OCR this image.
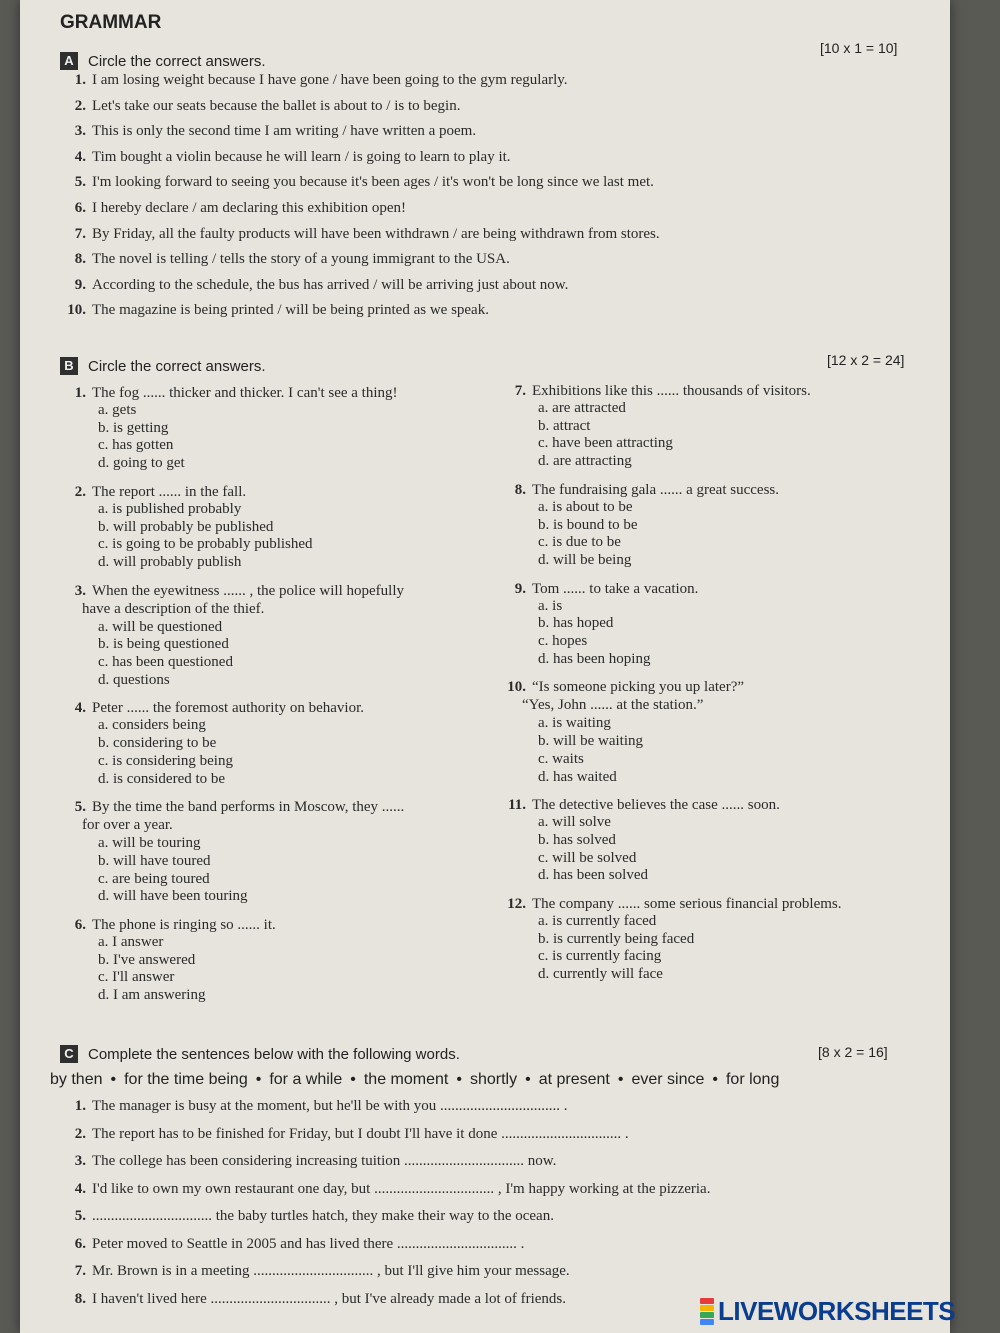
GRAMMAR
A Circle the correct answers.
[10 x 1 = 10]
1. I am losing weight because I have gone / have been going to the gym regularly.
2. Let's take our seats because the ballet is about to / is to begin.
3. This is only the second time I am writing / have written a poem.
4. Tim bought a violin because he will learn / is going to learn to play it.
5. I'm looking forward to seeing you because it's been ages / it's won't be long since we last met.
6. I hereby declare / am declaring this exhibition open!
7. By Friday, all the faulty products will have been withdrawn / are being withdrawn from stores.
8. The novel is telling / tells the story of a young immigrant to the USA.
9. According to the schedule, the bus has arrived / will be arriving just about now.
10. The magazine is being printed / will be being printed as we speak.
B Circle the correct answers.	[12 x 2 = 24]
1. The fog ...... thicker and thicker. I can't see a thing!
a. gets
b. is getting
c. has gotten
d. going to get
2. The report ...... in the fall.
a. is published probably
b. will probably be published
c. is going to be probably published
d. will probably publish
3. When the eyewitness ...... , the police will hopefully
have a description of the thief.
a. will be questioned
b. is being questioned
c. has been questioned
d. questions
4. Peter ...... the foremost authority on behavior.
a. considers being
b. considering to be
c. is considering being
d. is considered to be
5. By the time the band performs in Moscow, they ......
for over a year.
a. will be touring
b. will have toured
c. are being toured
d. will have been touring
6. The phone is ringing so ...... it.
a. I answer
b. I've answered
c. I'll answer
d. I am answering
7. Exhibitions like this ...... thousands of visitors.
a. are attracted
b. attract
c. have been attracting
d. are attracting
8. The fundraising gala ...... a great success.
a. is about to be
b. is bound to be
c. is due to be
d. will be being
9. Tom ...... to take a vacation.
a. is
b. has hoped
c. hopes
d. has been hoping
10. “Is someone picking you up later?”
“Yes, John ...... at the station.”
a. is waiting
b. will be waiting
c. waits
d. has waited
11. The detective believes the case ...... soon.
a. will solve
b. has solved
c. will be solved
d. has been solved
12. The company ...... some serious financial problems.
a. is currently faced
b. is currently being faced
c. is currently facing
d. currently will face
C Complete the sentences below with the following words.	[8 x 2 = 16]
by then • for the time being • for a while • the moment • shortly • at present • ever since • for long
1. The manager is busy at the moment, but he'll be with you ................................ .
2. The report has to be finished for Friday, but I doubt I'll have it done ................................ .
3. The college has been considering increasing tuition ................................ now.
4. I'd like to own my own restaurant one day, but ................................ , I'm happy working at the pizzeria.
5. ................................ the baby turtles hatch, they make their way to the ocean.
6. Peter moved to Seattle in 2005 and has lived there ................................ .
7. Mr. Brown is in a meeting ................................ , but I'll give him your message.
8. I haven't lived here ................................ , but I've already made a lot of friends.	LIVEWORKSHEETS
